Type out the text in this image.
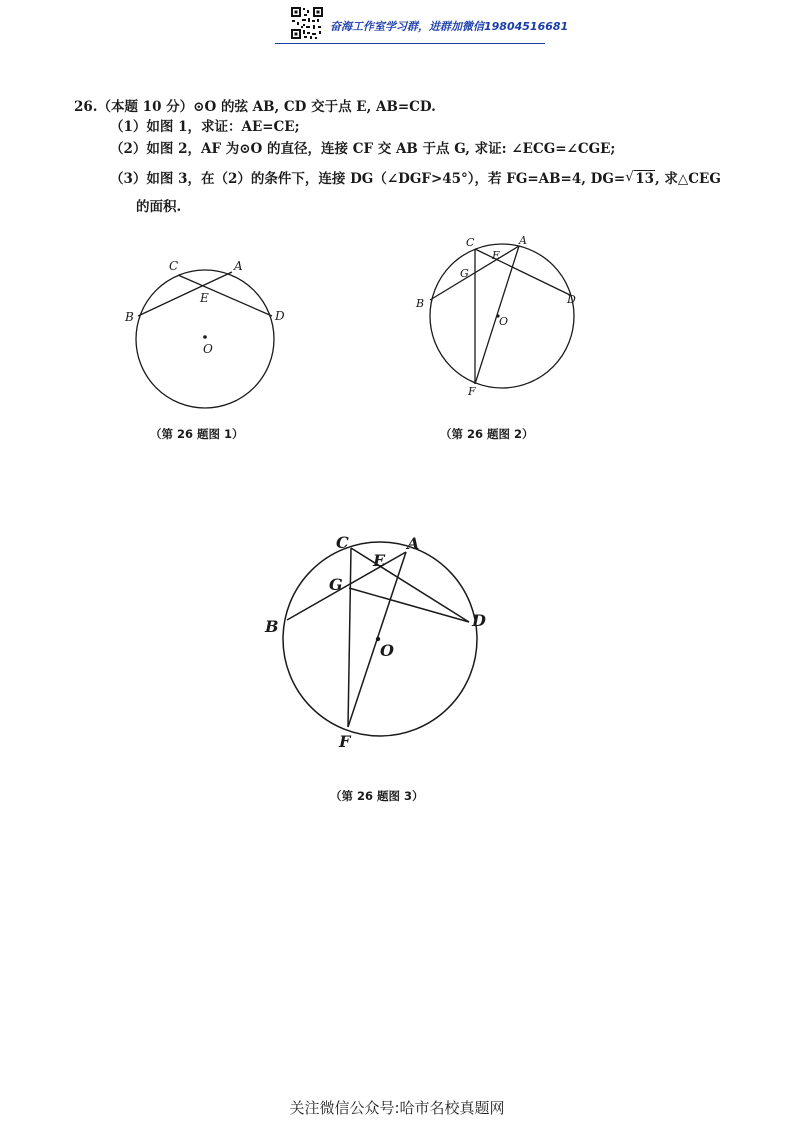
奋海工作室学习群，进群加微信19804516681
26.（本题 10 分）⊙O 的弦 AB, CD 交于点 E, AB=CD.
（1）如图 1，求证：AE=CE;
（2）如图 2，AF 为⊙O 的直径，连接 CF 交 AB 于点 G, 求证: ∠ECG=∠CGE;
（3）如图 3，在（2）的条件下，连接 DG（∠DGF>45°），若 FG=AB=4, DG= √ 13, 求△CEG
的面积.
C	A
E
B	D
O
（第 26 题图 1）
C	A
E
G
B	D
O
F
（第 26 题图 2）
C	A
E
G
B	D
O
F
（第 26 题图 3）
关注微信公众号:哈市名校真题网
